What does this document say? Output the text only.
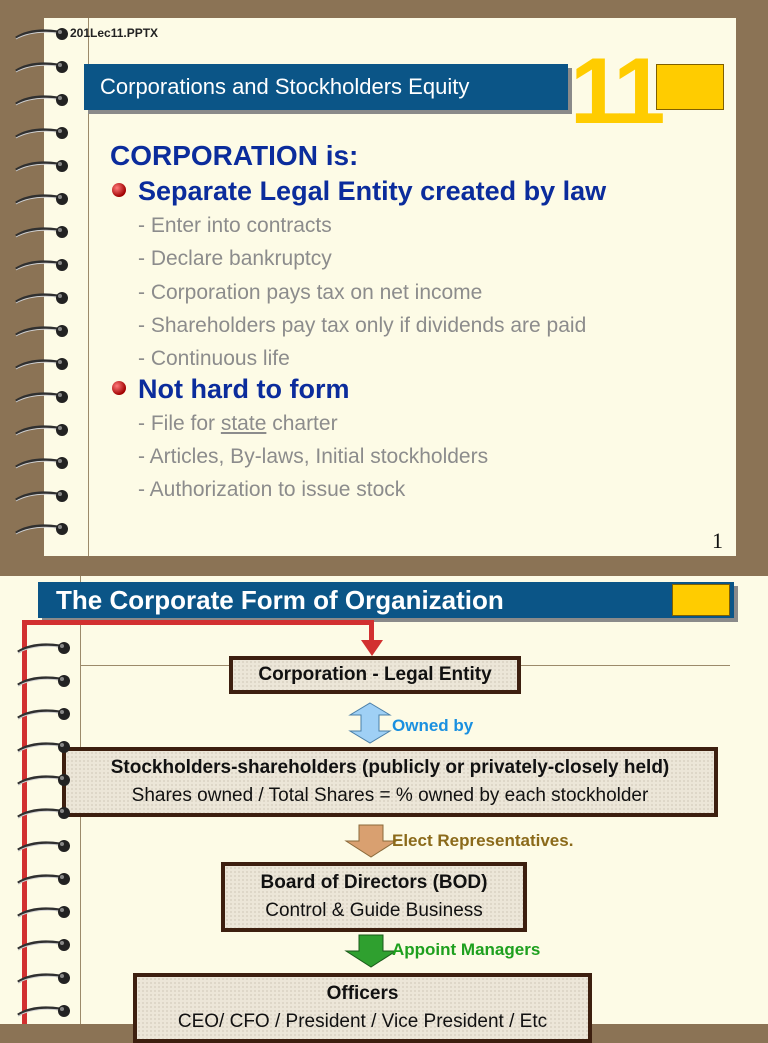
201Lec11.PPTX
Corporations and Stockholders Equity	11
CORPORATION is:
Separate Legal Entity created by law
- Enter into contracts
- Declare bankruptcy
- Corporation pays tax on net income
- Shareholders pay tax only if dividends are paid
- Continuous life
Not hard to form
- File for state charter
- Articles, By-laws, Initial stockholders
- Authorization to issue stock
1
The Corporate Form of Organization
Corporation - Legal Entity
Owned by
Stockholders-shareholders (publicly or privately-closely held)
Shares owned / Total Shares = % owned by each stockholder
Elect Representatives.
Board of Directors (BOD)
Control & Guide Business
Appoint Managers
Officers
CEO/ CFO / President / Vice President / Etc
